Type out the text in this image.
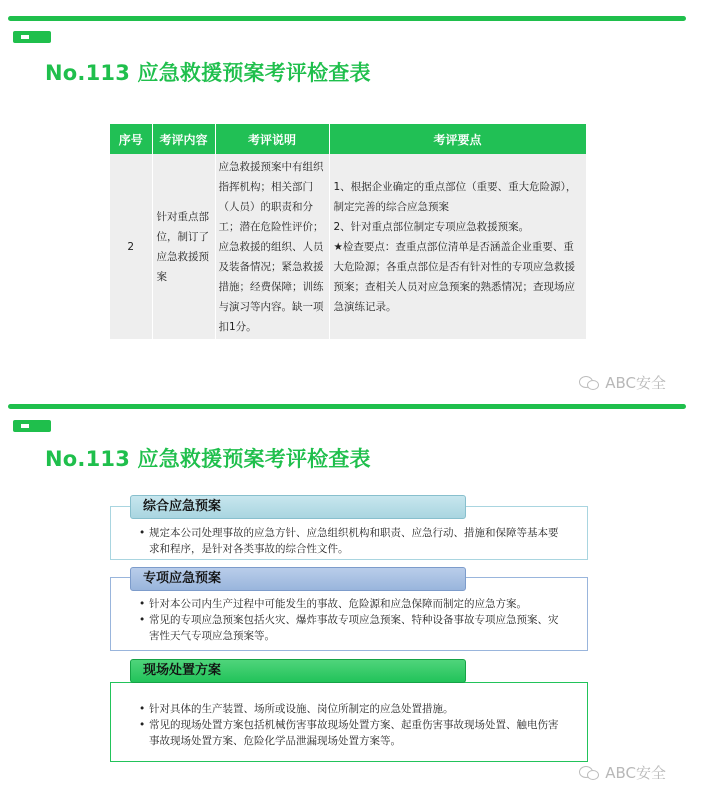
No.113 应急救援预案考评检查表
序号	考评内容	考评说明	考评要点
2	针对重点部位，制订了应急救援预案	应急救援预案中有组织指挥机构；相关部门（人员）的职责和分工；潜在危险性评价；应急救援的组织、人员及装备情况；紧急救援措施；经费保障；训练与演习等内容。缺一项扣1分。	1、根据企业确定的重点部位（重要、重大危险源），制定完善的综合应急预案
2、针对重点部位制定专项应急救援预案。
★检查要点：查重点部位清单是否涵盖企业重要、重大危险源；各重点部位是否有针对性的专项应急救援预案；查相关人员对应急预案的熟悉情况；查现场应急演练记录。
ABC安全
No.113 应急救援预案考评检查表
• 规定本公司处理事故的应急方针、应急组织机构和职责、应急行动、措施和保障等基本要求和程序，是针对各类事故的综合性文件。
综合应急预案
• 针对本公司内生产过程中可能发生的事故、危险源和应急保障而制定的应急方案。
• 常见的专项应急预案包括火灾、爆炸事故专项应急预案、特种设备事故专项应急预案、灾害性天气专项应急预案等。
专项应急预案
• 针对具体的生产装置、场所或设施、岗位所制定的应急处置措施。
• 常见的现场处置方案包括机械伤害事故现场处置方案、起重伤害事故现场处置、触电伤害事故现场处置方案、危险化学品泄漏现场处置方案等。
现场处置方案
ABC安全
